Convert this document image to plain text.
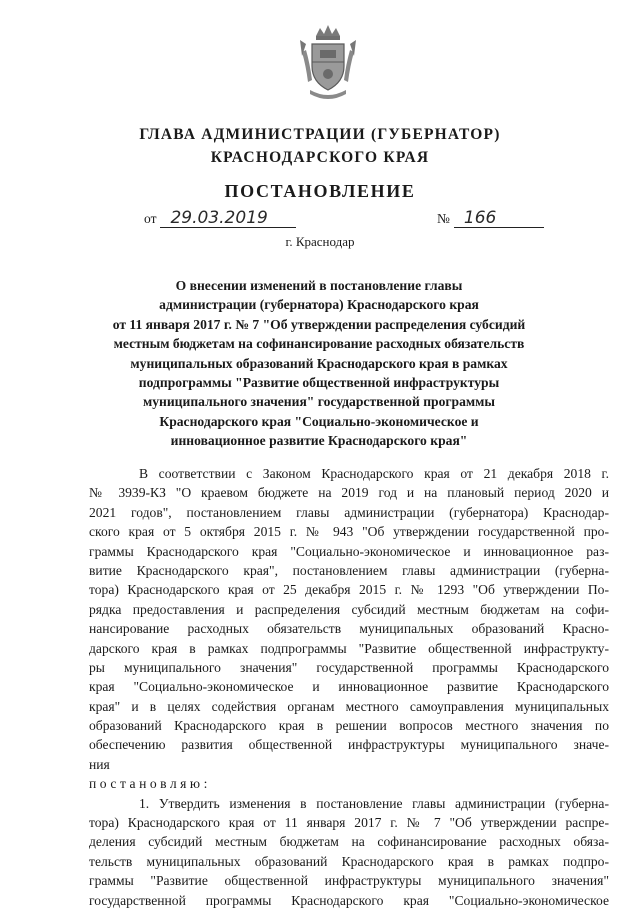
ГЛАВА АДМИНИСТРАЦИИ (ГУБЕРНАТОР)
КРАСНОДАРСКОГО КРАЯ
ПОСТАНОВЛЕНИЕ
от 29.03.2019	№ 166
г. Краснодар
О внесении изменений в постановление главы
администрации (губернатора) Краснодарского края
от 11 января 2017 г. № 7 "Об утверждении распределения субсидий
местным бюджетам на софинансирование расходных обязательств
муниципальных образований Краснодарского края в рамках
подпрограммы "Развитие общественной инфраструктуры
муниципального значения" государственной программы
Краснодарского края "Социально-экономическое и
инновационное развитие Краснодарского края"
В соответствии с Законом Краснодарского края от 21 декабря 2018 г.
№ 3939-КЗ "О краевом бюджете на 2019 год и на плановый период 2020 и
2021 годов", постановлением главы администрации (губернатора) Краснодар-
ского края от 5 октября 2015 г. № 943 "Об утверждении государственной про-
граммы Краснодарского края "Социально-экономическое и инновационное раз-
витие Краснодарского края", постановлением главы администрации (губерна-
тора) Краснодарского края от 25 декабря 2015 г. № 1293 "Об утверждении По-
рядка предоставления и распределения субсидий местным бюджетам на софи-
нансирование расходных обязательств муниципальных образований Красно-
дарского края в рамках подпрограммы "Развитие общественной инфраструкту-
ры муниципального значения" государственной программы Краснодарского
края "Социально-экономическое и инновационное развитие Краснодарского
края" и в целях содействия органам местного самоуправления муниципальных
образований Краснодарского края в решении вопросов местного значения по
обеспечению развития общественной инфраструктуры муниципального значе-
ния
постановляю:
1. Утвердить изменения в постановление главы администрации (губерна-
тора) Краснодарского края от 11 января 2017 г. № 7 "Об утверждении распре-
деления субсидий местным бюджетам на софинансирование расходных обяза-
тельств муниципальных образований Краснодарского края в рамках подпро-
граммы "Развитие общественной инфраструктуры муниципального значения"
государственной программы Краснодарского края "Социально-экономическое
